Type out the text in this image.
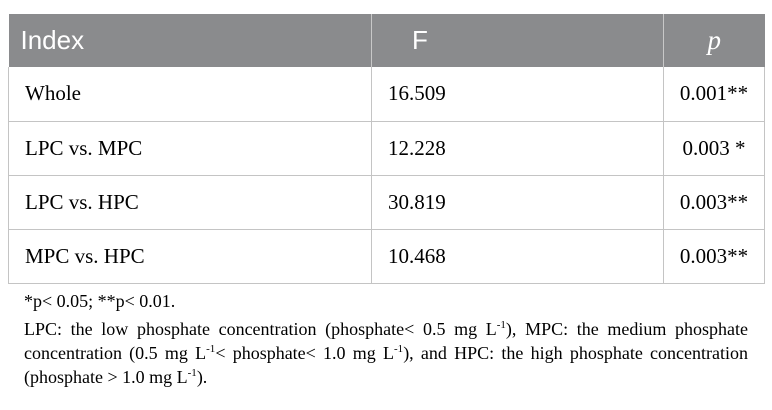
Index	F	p
Whole	16.509	0.001**
LPC vs. MPC	12.228	0.003 *
LPC vs. HPC	30.819	0.003**
MPC vs. HPC	10.468	0.003**
*p< 0.05; **p< 0.01.
LPC: the low phosphate concentration (phosphate< 0.5 mg $L^{-1}$), MPC: the medium phosphate concentration (0.5 mg $L^{-1}<$ phosphate< 1.0 mg $L^{-1}$), and HPC: the high phosphate concentration (phosphate > 1.0 mg $L^{-1}$).
